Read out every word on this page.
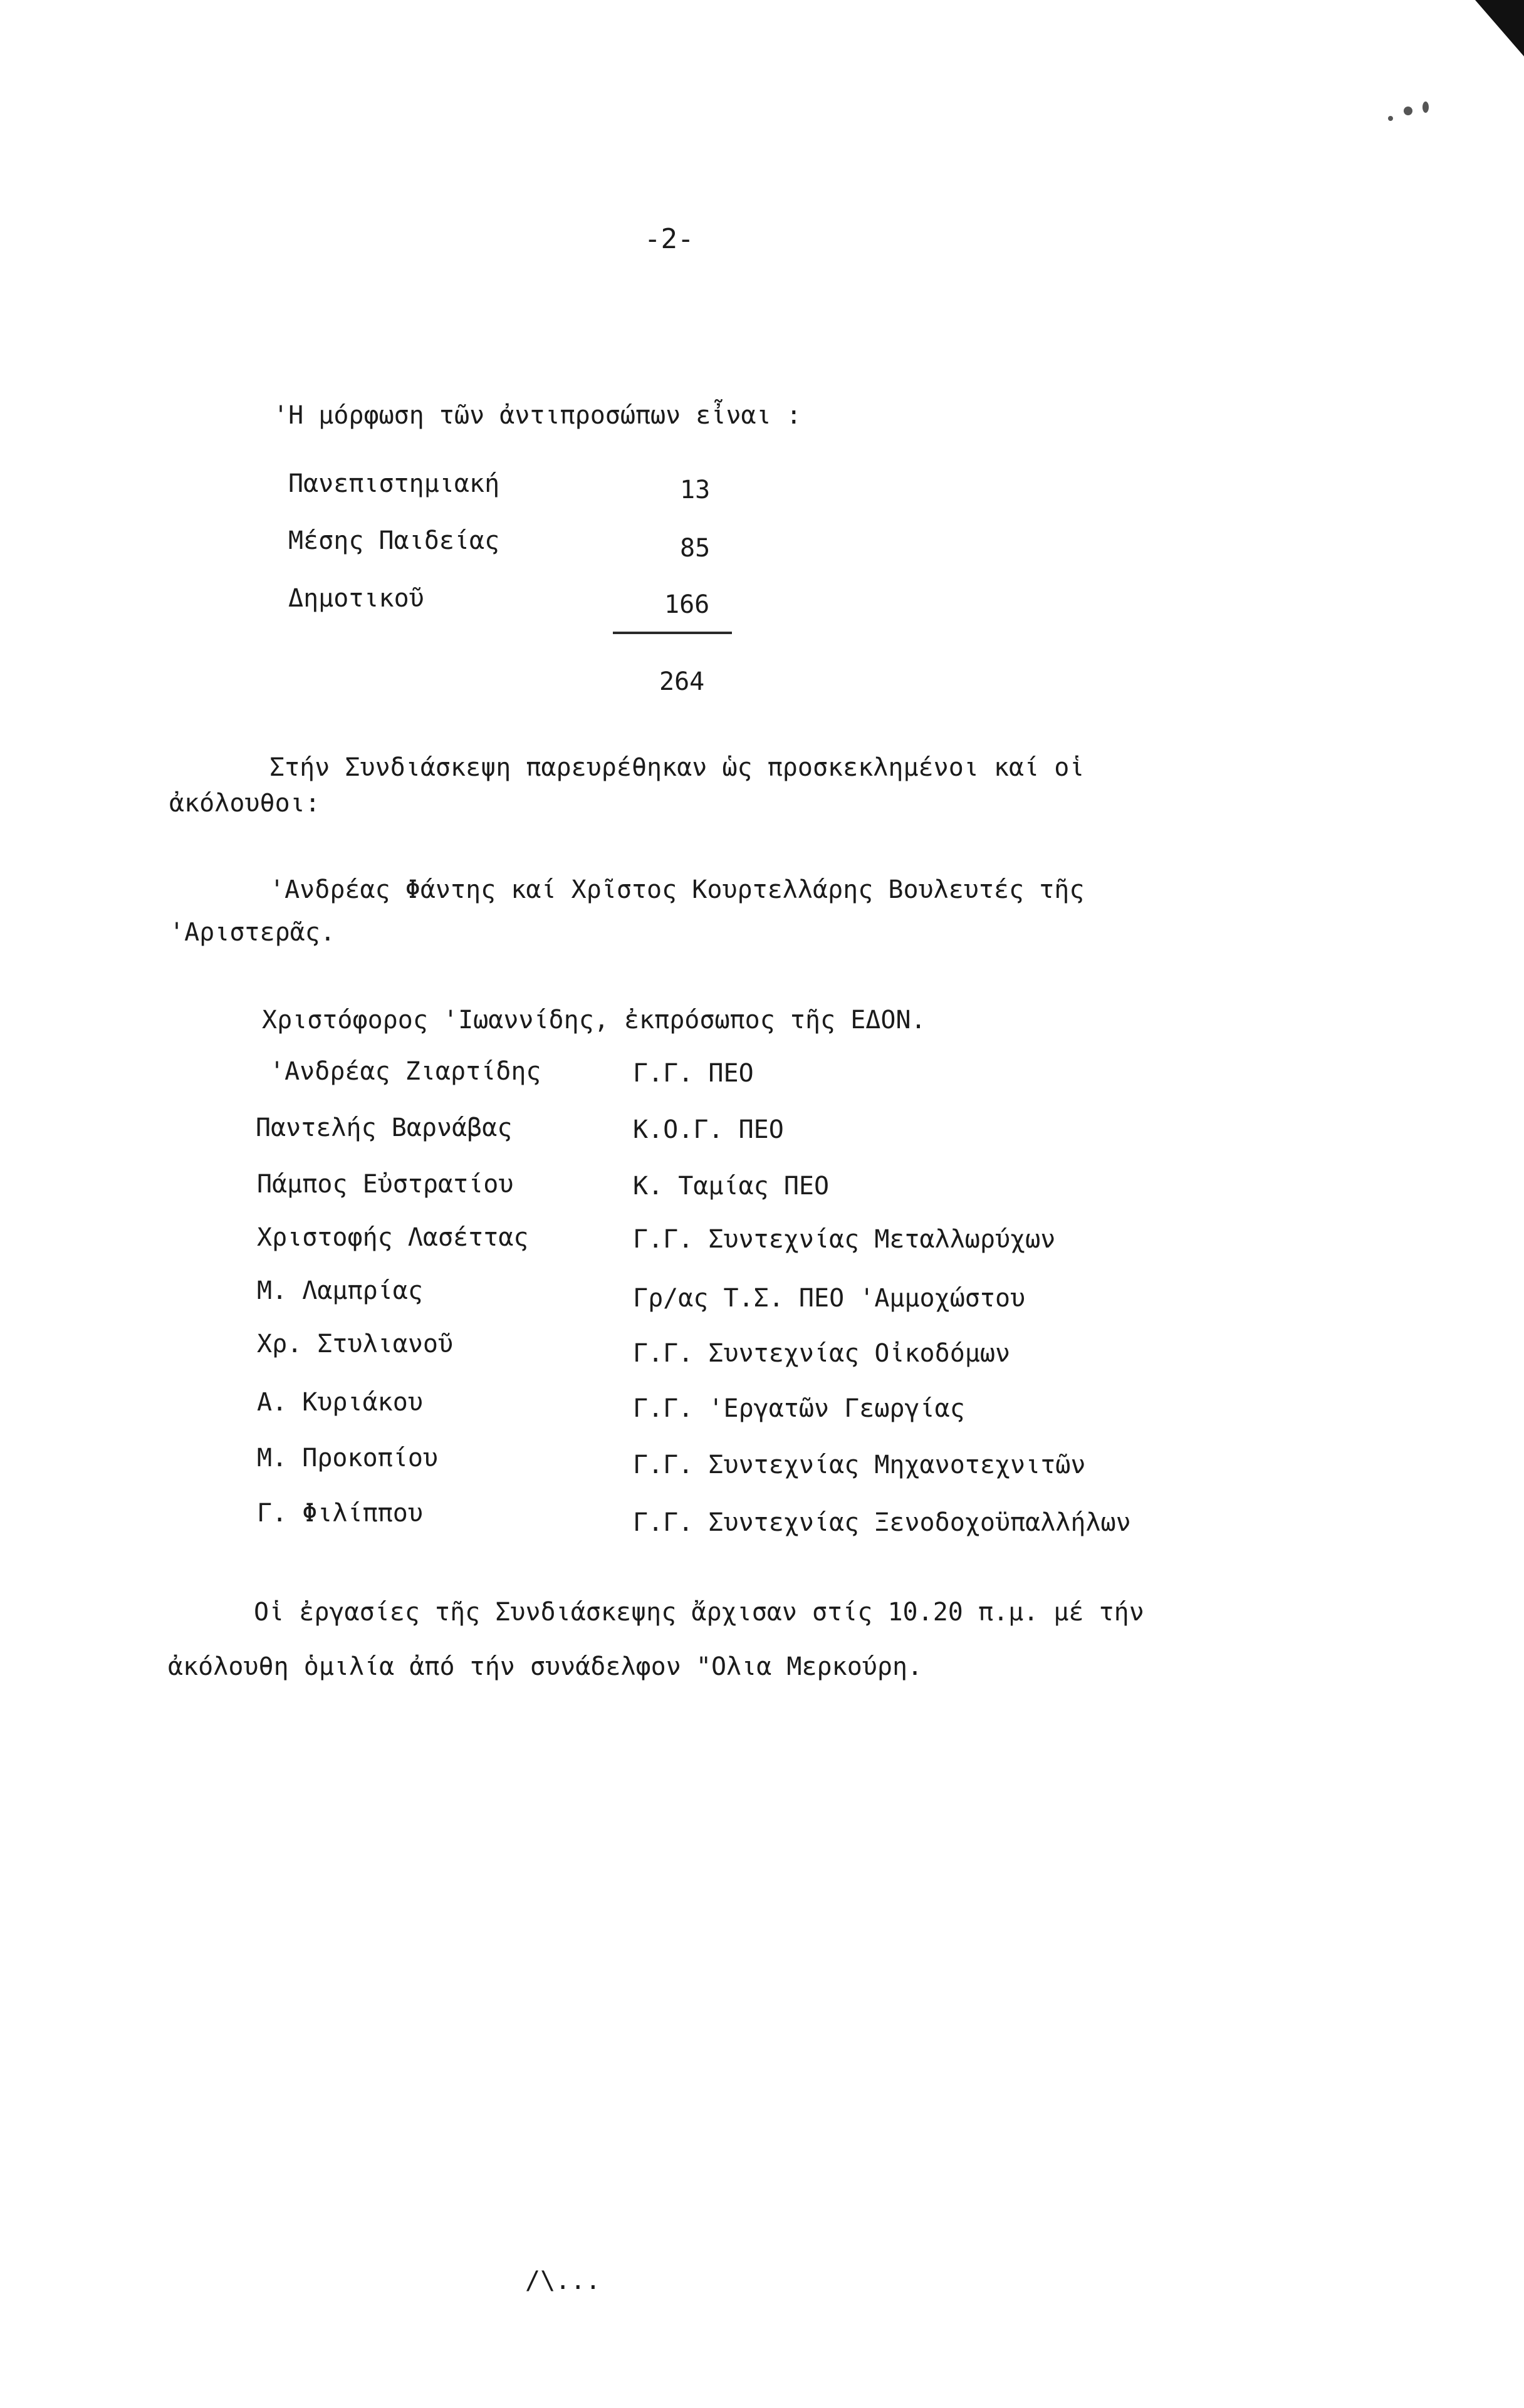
-2-
'Η μόρφωση τῶν ἀντιπροσώπων εἶναι :
Πανεπιστημιακή	13
Μέσης Παιδείας	85
Δημοτικοῦ	166
264
Στήν Συνδιάσκεψη παρευρέθηκαν ὡς προσκεκλημένοι καί οἱ
ἀκόλουθοι:
'Ανδρέας Φάντης καί Χρῖστος Κουρτελλάρης Βουλευτές τῆς
'Αριστερᾶς.
Χριστόφορος 'Ιωαννίδης, ἐκπρόσωπος τῆς ΕΔΟΝ.
'Ανδρέας Ζιαρτίδης	Γ.Γ. ΠΕΟ
Παντελής Βαρνάβας	Κ.Ο.Γ. ΠΕΟ
Πάμπος Εὐστρατίου	Κ. Ταμίας ΠΕΟ
Χριστοφής Λασέττας	Γ.Γ. Συντεχνίας Μεταλλωρύχων
Μ. Λαμπρίας	Γρ/ας Τ.Σ. ΠΕΟ 'Αμμοχώστου
Χρ. Στυλιανοῦ	Γ.Γ. Συντεχνίας Οἰκοδόμων
Α. Κυριάκου	Γ.Γ. 'Εργατῶν Γεωργίας
Μ. Προκοπίου	Γ.Γ. Συντεχνίας Μηχανοτεχνιτῶν
Γ. Φιλίππου	Γ.Γ. Συντεχνίας Ξενοδοχοϋπαλλήλων
Οἱ ἐργασίες τῆς Συνδιάσκεψης ἄρχισαν στίς 10.20 π.μ. μέ τήν
ἀκόλουθη ὁμιλία ἀπό τήν συνάδελφον "Ολια Μερκούρη.
/\...
